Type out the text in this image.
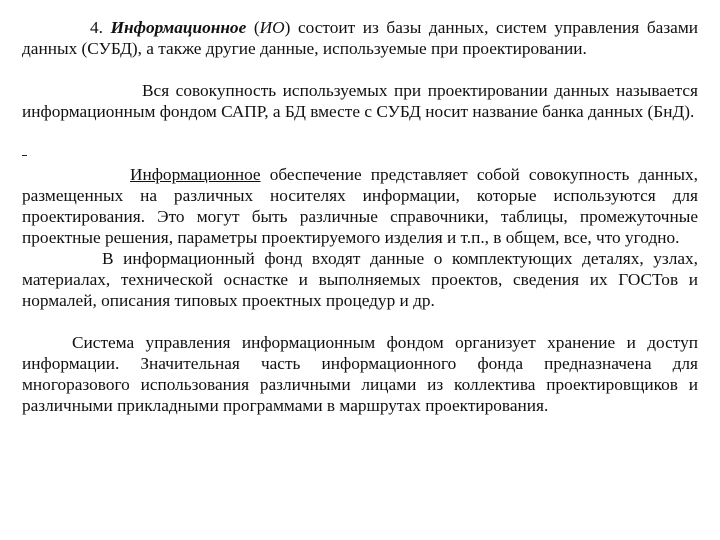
4. Информационное (ИО) состоит из базы данных, систем управления базами данных (СУБД), а также другие данные, используемые при проектировании.

Вся совокупность используемых при проектировании данных называется информационным фондом САПР, а БД вместе с СУБД носит название банка данных (БнД).

Информационное обеспечение представляет собой совокупность данных, размещенных на различных носителях информации, которые используются для проектирования. Это могут быть различные справочники, таблицы, промежуточные проектные решения, параметры проектируемого изделия и т.п., в общем, все, что угодно.

В информационный фонд входят данные о комплектующих деталях, узлах, материалах, технической оснастке и выполняемых проектов, сведения их ГОСТов и нормалей, описания типовых проектных процедур и др.

Система управления информационным фондом организует хранение и доступ информации. Значительная часть информационного фонда предназначена для многоразового использования различными лицами из коллектива проектировщиков и различными прикладными программами в маршрутах проектирования.
